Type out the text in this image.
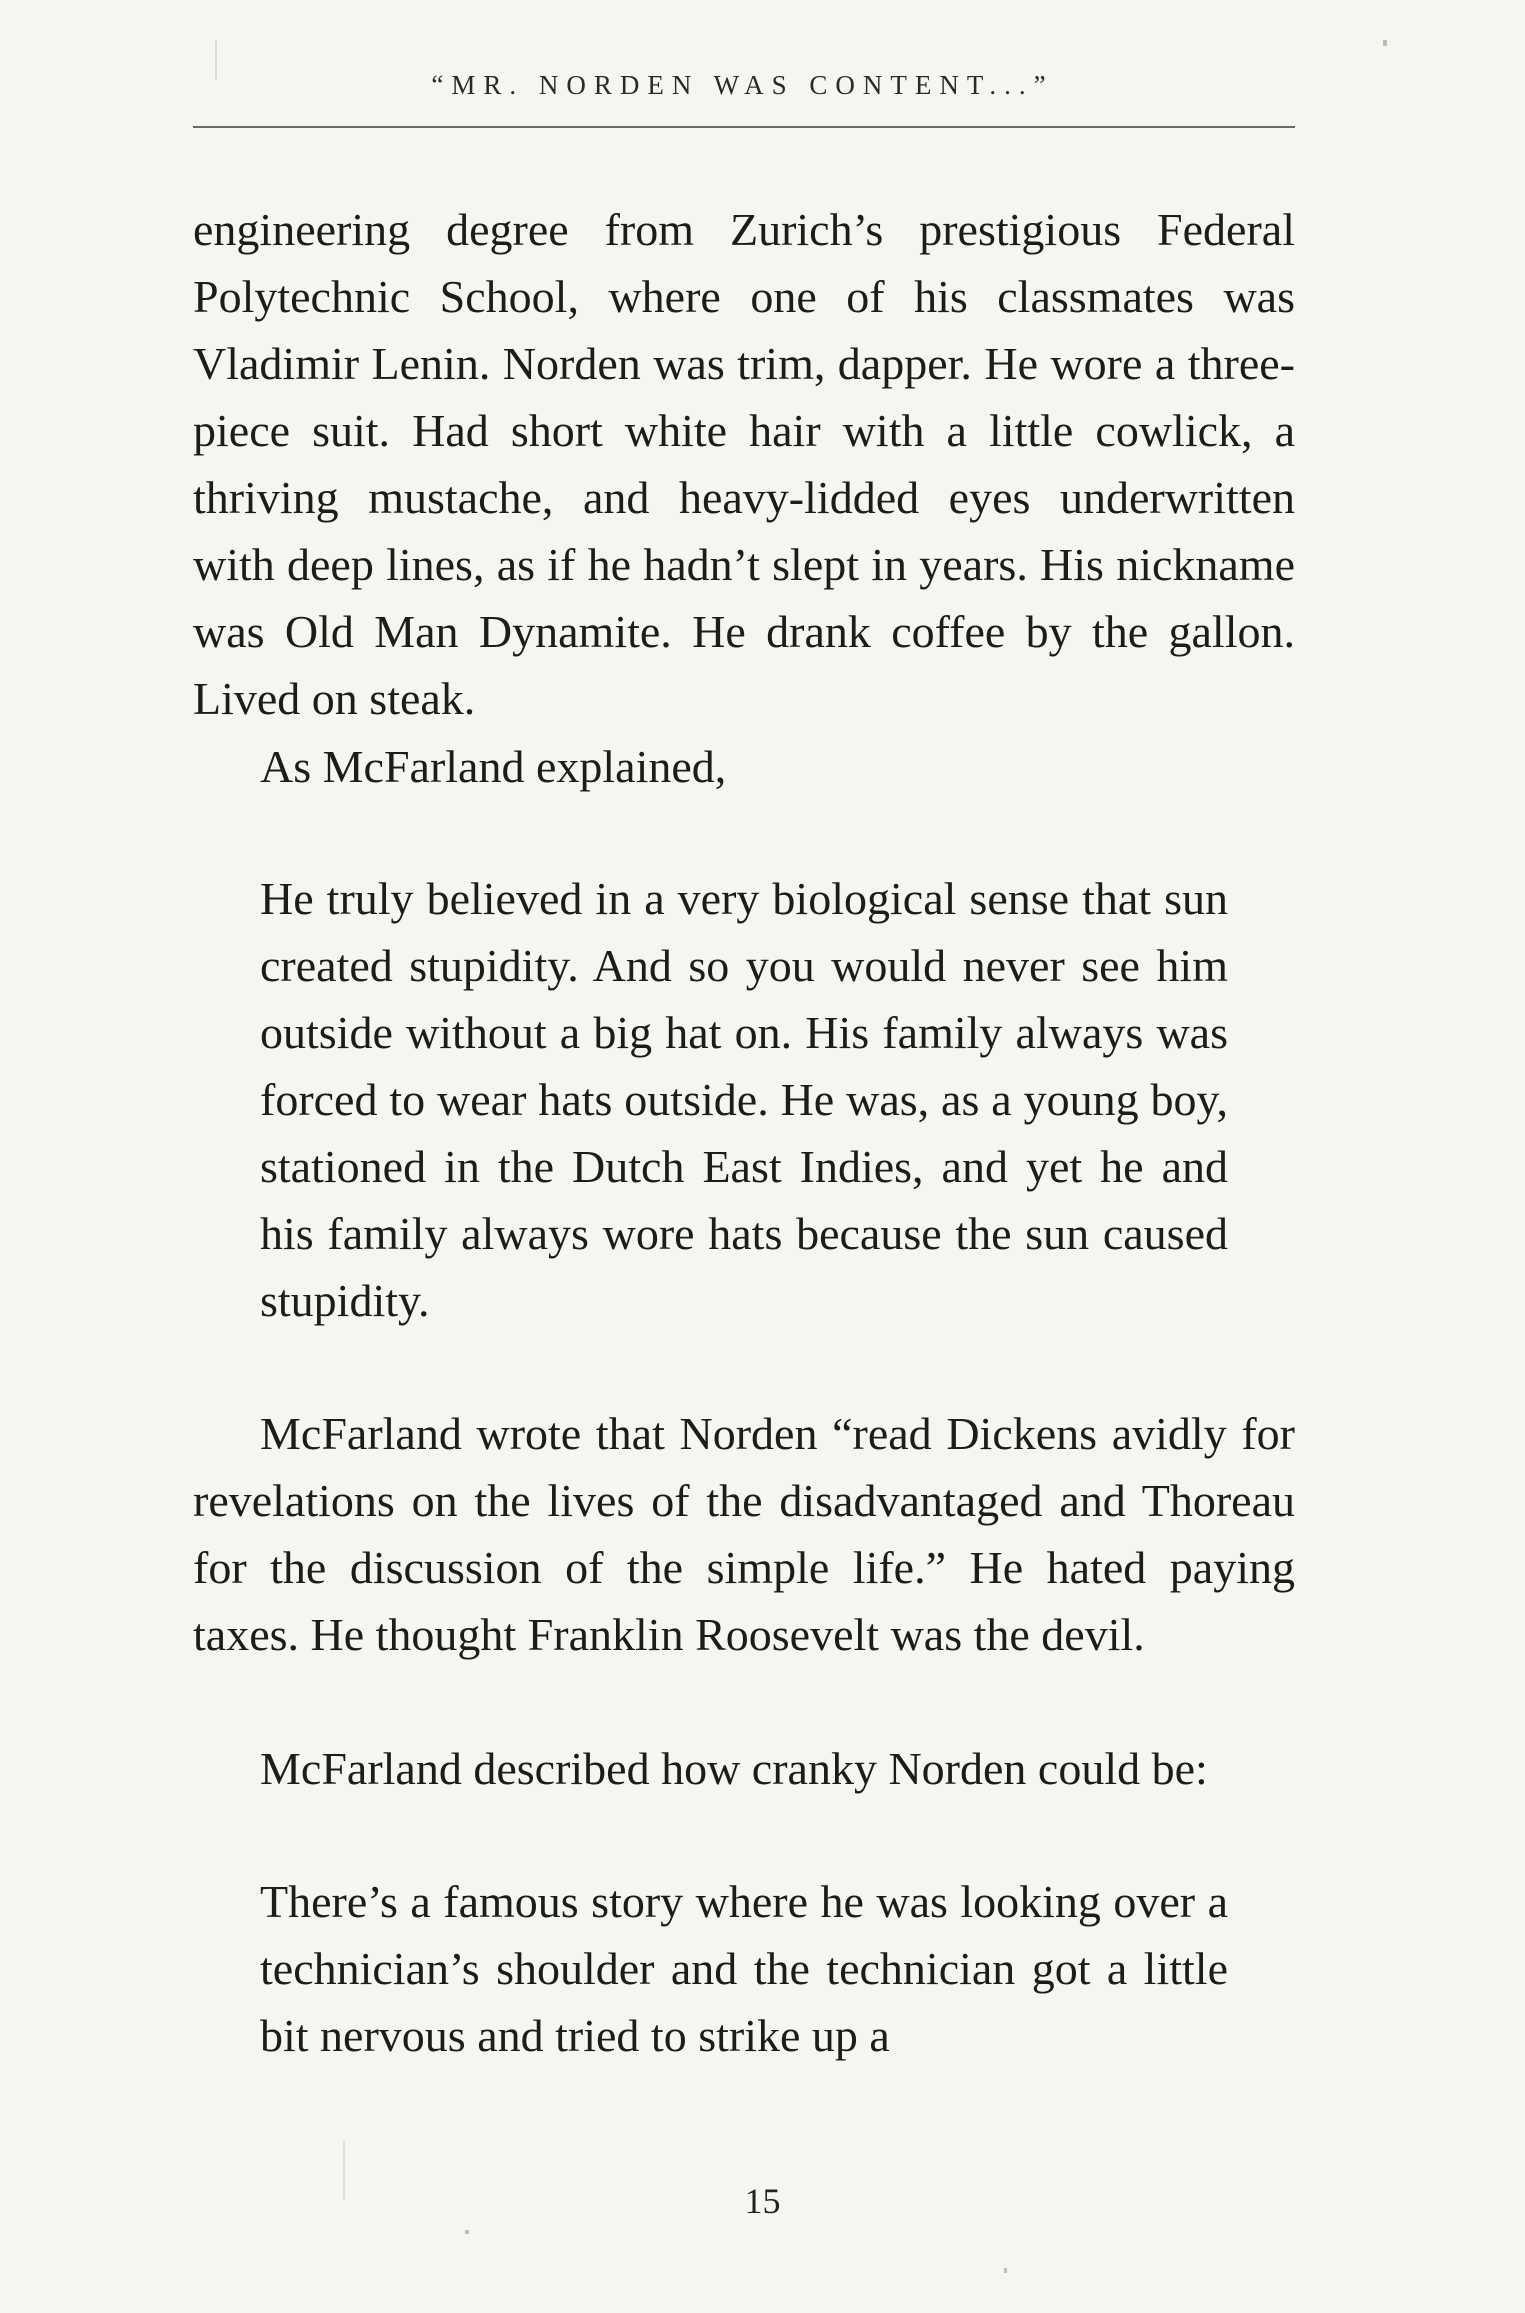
“MR. NORDEN WAS CONTENT...”

engineering degree from Zurich’s prestigious Federal Polytechnic School, where one of his classmates was Vladimir Lenin. Norden was trim, dapper. He wore a three-piece suit. Had short white hair with a little cowlick, a thriving mustache, and heavy-lidded eyes underwritten with deep lines, as if he hadn’t slept in years. His nickname was Old Man Dynamite. He drank coffee by the gallon. Lived on steak.

As McFarland explained,

He truly believed in a very biological sense that sun created stupidity. And so you would never see him outside without a big hat on. His family always was forced to wear hats outside. He was, as a young boy, stationed in the Dutch East Indies, and yet he and his family always wore hats because the sun caused stupidity.

McFarland wrote that Norden “read Dickens avidly for revelations on the lives of the disadvantaged and Thoreau for the discussion of the simple life.” He hated paying taxes. He thought Franklin Roosevelt was the devil.

McFarland described how cranky Norden could be:

There’s a famous story where he was looking over a technician’s shoulder and the technician got a little bit nervous and tried to strike up a

15
